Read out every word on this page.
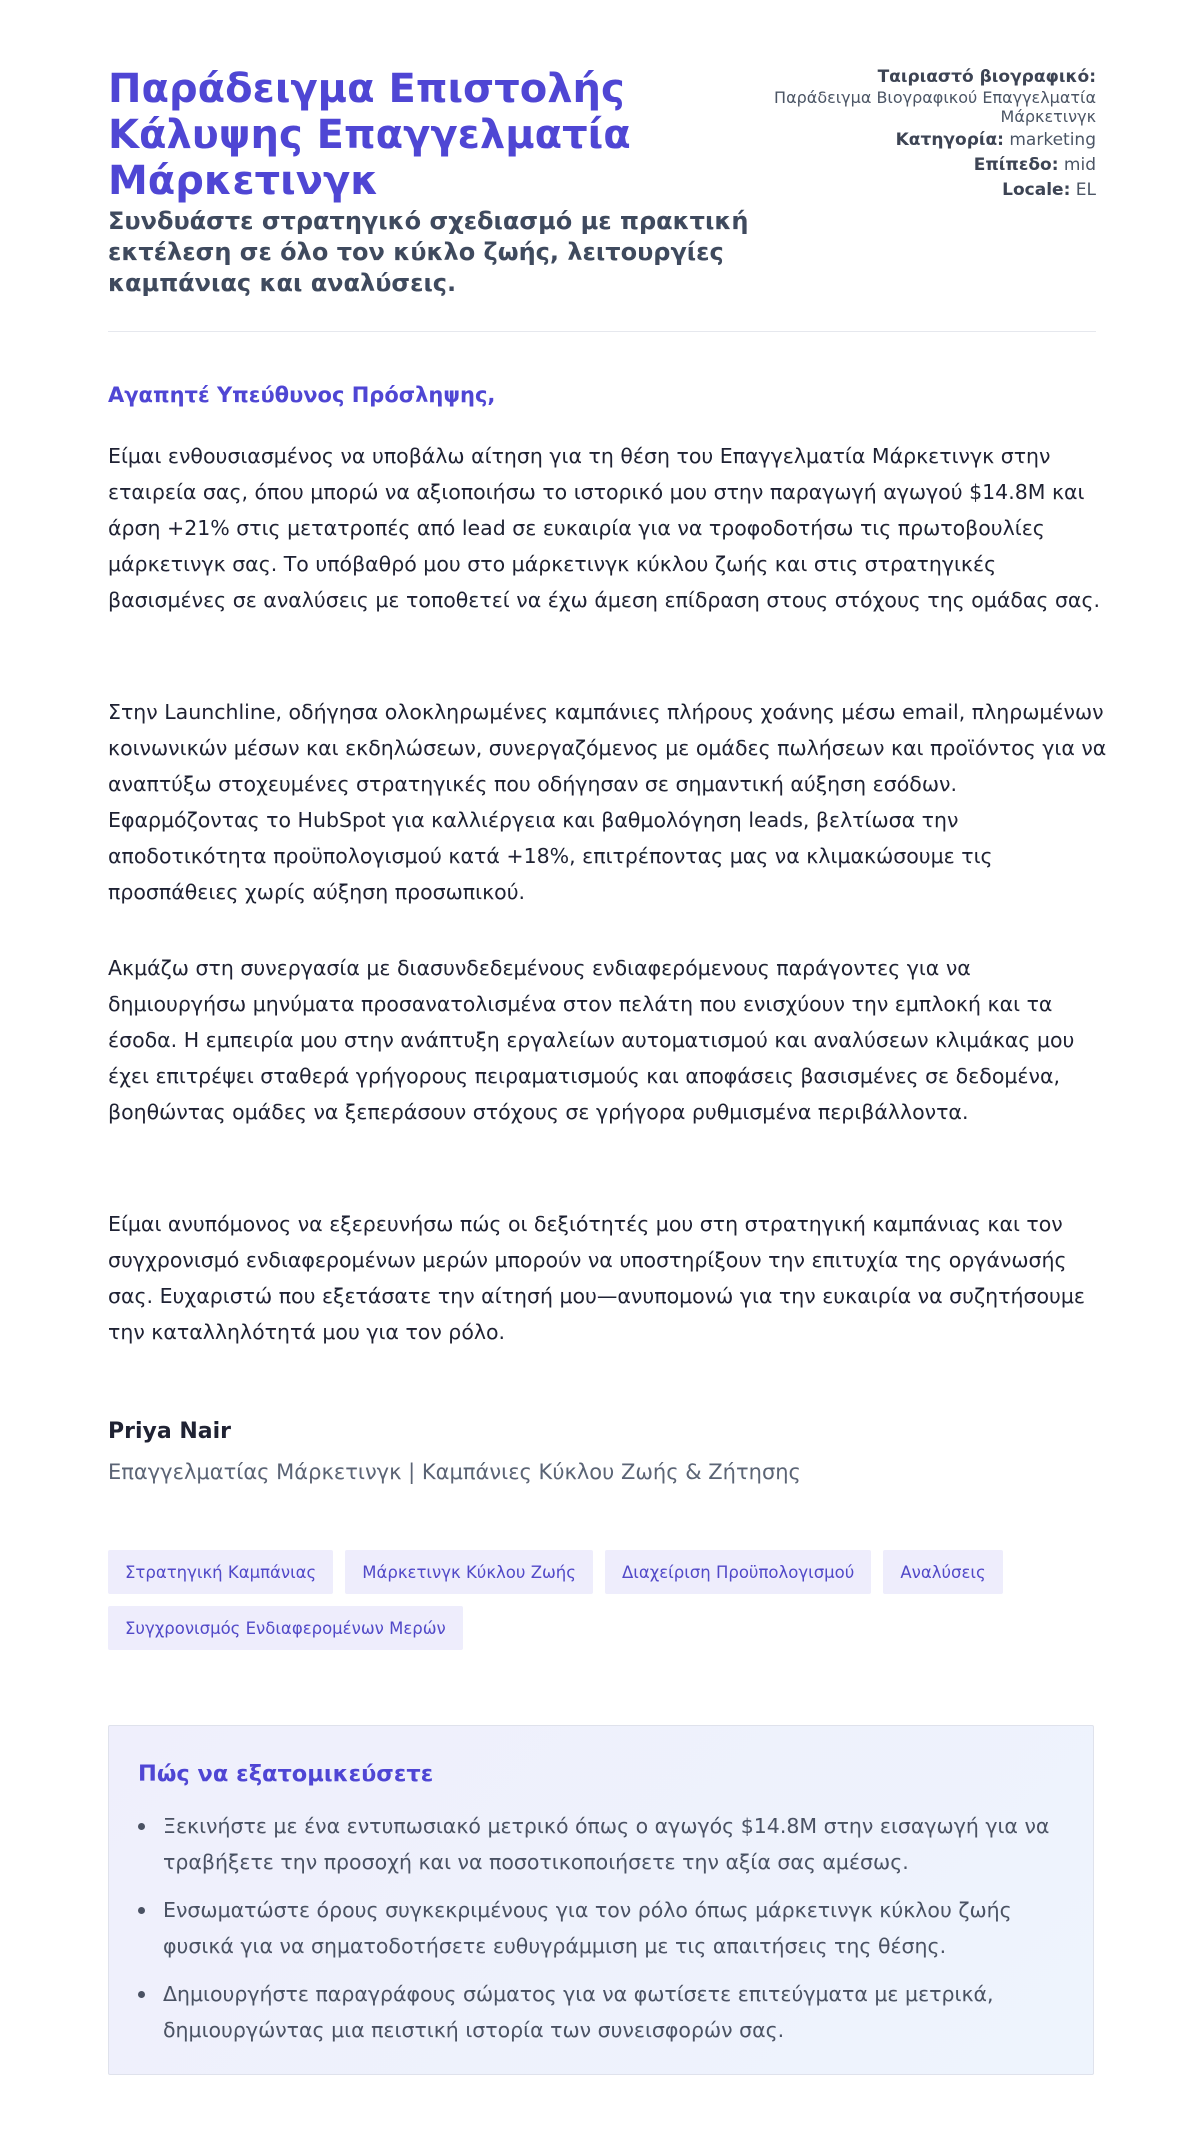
Παράδειγμα Επιστολής Κάλυψης Επαγγελματία Μάρκετινγκ

Συνδυάστε στρατηγικό σχεδιασμό με πρακτική εκτέλεση σε όλο τον κύκλο ζωής, λειτουργίες καμπάνιας και αναλύσεις.

Ταιριαστό βιογραφικό:
Παράδειγμα Βιογραφικού Επαγγελματία Μάρκετινγκ
Κατηγορία: marketing
Επίπεδο: mid
Locale: EL

Αγαπητέ Υπεύθυνος Πρόσληψης,

Είμαι ενθουσιασμένος να υποβάλω αίτηση για τη θέση του Επαγγελματία Μάρκετινγκ στην εταιρεία σας, όπου μπορώ να αξιοποιήσω το ιστορικό μου στην παραγωγή αγωγού $14.8M και άρση +21% στις μετατροπές από lead σε ευκαιρία για να τροφοδοτήσω τις πρωτοβουλίες μάρκετινγκ σας. Το υπόβαθρό μου στο μάρκετινγκ κύκλου ζωής και στις στρατηγικές βασισμένες σε αναλύσεις με τοποθετεί να έχω άμεση επίδραση στους στόχους της ομάδας σας.

Στην Launchline, οδήγησα ολοκληρωμένες καμπάνιες πλήρους χοάνης μέσω email, πληρωμένων κοινωνικών μέσων και εκδηλώσεων, συνεργαζόμενος με ομάδες πωλήσεων και προϊόντος για να αναπτύξω στοχευμένες στρατηγικές που οδήγησαν σε σημαντική αύξηση εσόδων. Εφαρμόζοντας το HubSpot για καλλιέργεια και βαθμολόγηση leads, βελτίωσα την αποδοτικότητα προϋπολογισμού κατά +18%, επιτρέποντας μας να κλιμακώσουμε τις προσπάθειες χωρίς αύξηση προσωπικού.

Ακμάζω στη συνεργασία με διασυνδεδεμένους ενδιαφερόμενους παράγοντες για να δημιουργήσω μηνύματα προσανατολισμένα στον πελάτη που ενισχύουν την εμπλοκή και τα έσοδα. Η εμπειρία μου στην ανάπτυξη εργαλείων αυτοματισμού και αναλύσεων κλιμάκας μου έχει επιτρέψει σταθερά γρήγορους πειραματισμούς και αποφάσεις βασισμένες σε δεδομένα, βοηθώντας ομάδες να ξεπεράσουν στόχους σε γρήγορα ρυθμισμένα περιβάλλοντα.

Είμαι ανυπόμονος να εξερευνήσω πώς οι δεξιότητές μου στη στρατηγική καμπάνιας και τον συγχρονισμό ενδιαφερομένων μερών μπορούν να υποστηρίξουν την επιτυχία της οργάνωσής σας. Ευχαριστώ που εξετάσατε την αίτησή μου—ανυπομονώ για την ευκαιρία να συζητήσουμε την καταλληλότητά μου για τον ρόλο.

Priya Nair

Επαγγελματίας Μάρκετινγκ | Καμπάνιες Κύκλου Ζωής & Ζήτησης

Στρατηγική Καμπάνιας	Μάρκετινγκ Κύκλου Ζωής	Διαχείριση Προϋπολογισμού	Αναλύσεις
Συγχρονισμός Ενδιαφερομένων Μερών
Πώς να εξατομικεύσετε
Ξεκινήστε με ένα εντυπωσιακό μετρικό όπως ο αγωγός $14.8M στην εισαγωγή για να τραβήξετε την προσοχή και να ποσοτικοποιήσετε την αξία σας αμέσως.
Ενσωματώστε όρους συγκεκριμένους για τον ρόλο όπως μάρκετινγκ κύκλου ζωής φυσικά για να σηματοδοτήσετε ευθυγράμμιση με τις απαιτήσεις της θέσης.
Δημιουργήστε παραγράφους σώματος για να φωτίσετε επιτεύγματα με μετρικά, δημιουργώντας μια πειστική ιστορία των συνεισφορών σας.
